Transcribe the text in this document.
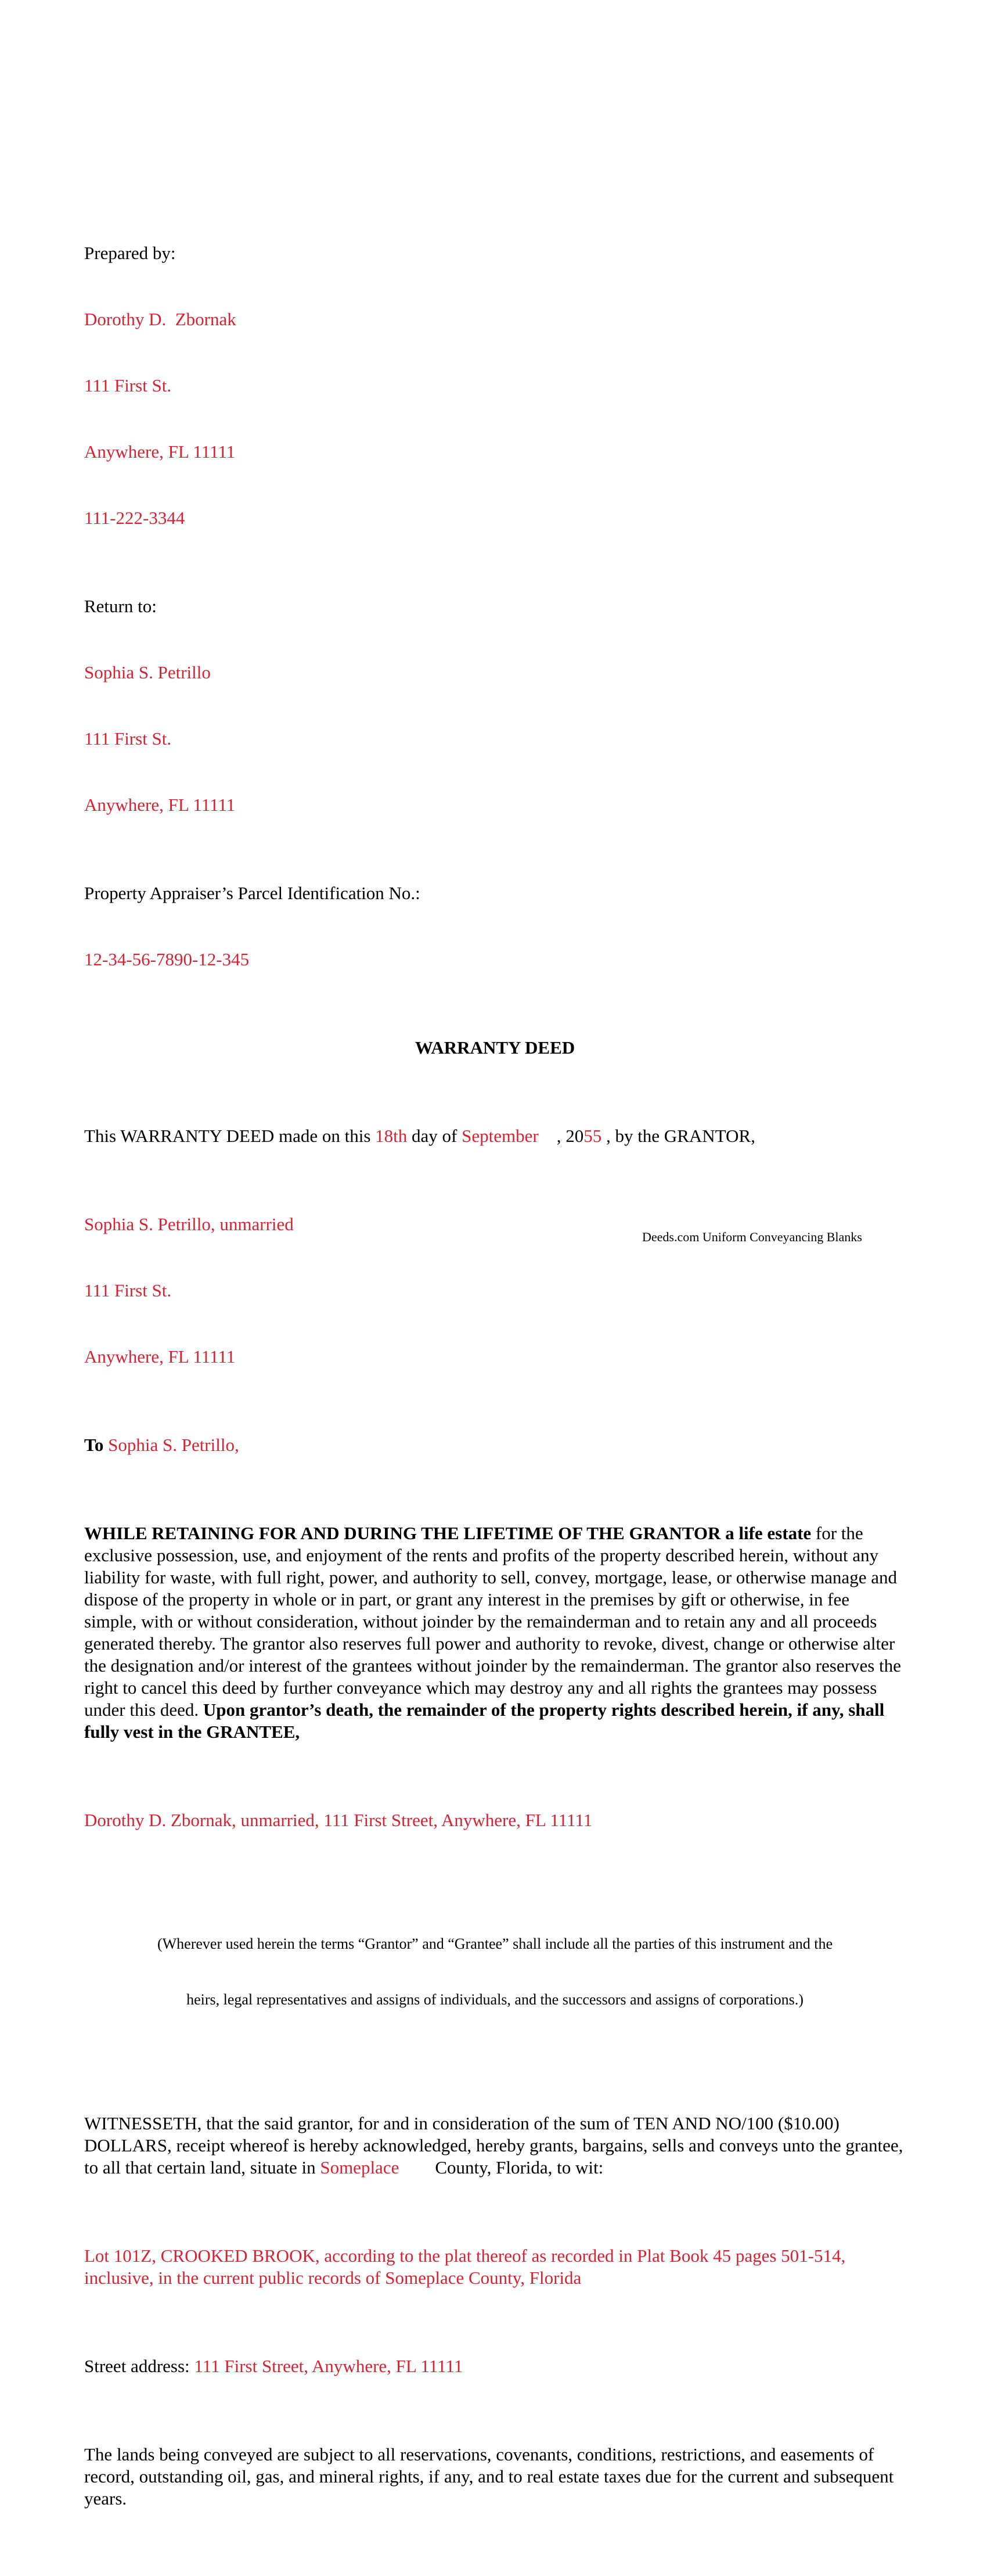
Prepared by:

Dorothy D.  Zbornak

111 First St.

Anywhere, FL 11111

111-222-3344

Return to:

Sophia S. Petrillo

111 First St.

Anywhere, FL 11111

Property Appraiser’s Parcel Identification No.:

12-34-56-7890-12-345

WARRANTY DEED

This WARRANTY DEED made on this 18th day of September    , 2055 , by the GRANTOR,

Sophia S. Petrillo, unmarried

111 First St.

Anywhere, FL 11111

To Sophia S. Petrillo,

WHILE RETAINING FOR AND DURING THE LIFETIME OF THE GRANTOR a life estate for the exclusive possession, use, and enjoyment of the rents and profits of the property described herein, without any liability for waste, with full right, power, and authority to sell, convey, mortgage, lease, or otherwise manage and dispose of the property in whole or in part, or grant any interest in the premises by gift or otherwise, in fee simple, with or without consideration, without joinder by the remainderman and to retain any and all proceeds generated thereby. The grantor also reserves full power and authority to revoke, divest, change or otherwise alter the designation and/or interest of the grantees without joinder by the remainderman. The grantor also reserves the right to cancel this deed by further conveyance which may destroy any and all rights the grantees may possess under this deed. Upon grantor’s death, the remainder of the property rights described herein, if any, shall fully vest in the GRANTEE,

Dorothy D. Zbornak, unmarried, 111 First Street, Anywhere, FL 11111

(Wherever used herein the terms “Grantor” and “Grantee” shall include all the parties of this instrument and the

heirs, legal representatives and assigns of individuals, and the successors and assigns of corporations.)

WITNESSETH, that the said grantor, for and in consideration of the sum of TEN AND NO/100 ($10.00) DOLLARS, receipt whereof is hereby acknowledged, hereby grants, bargains, sells and conveys unto the grantee, to all that certain land, situate in Someplace        County, Florida, to wit:

Lot 101Z, CROOKED BROOK, according to the plat thereof as recorded in Plat Book 45 pages 501-514, inclusive, in the current public records of Someplace County, Florida

Street address: 111 First Street, Anywhere, FL 11111

The lands being conveyed are subject to all reservations, covenants, conditions, restrictions, and easements of record, outstanding oil, gas, and mineral rights, if any, and to real estate taxes due for the current and subsequent years.

Deeds.com Uniform Conveyancing Blanks
